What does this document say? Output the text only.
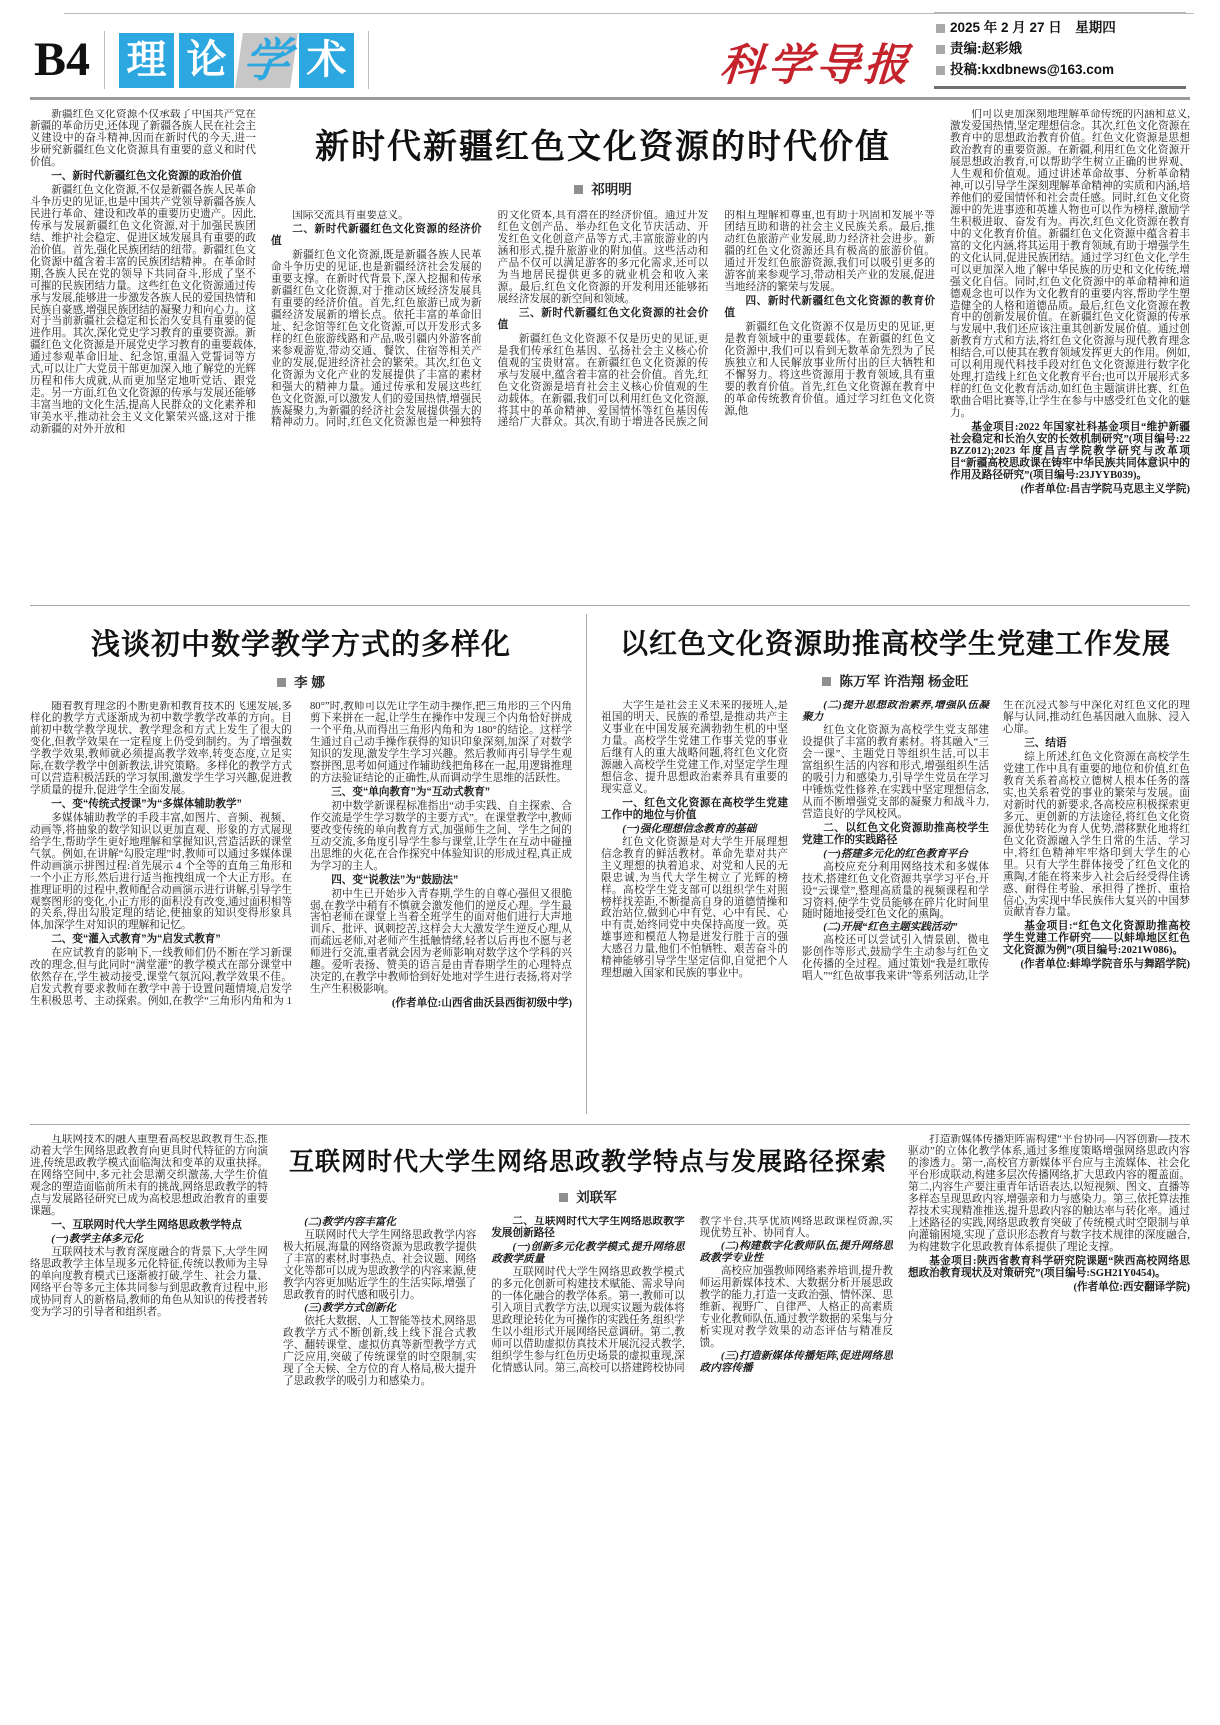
B4 理 论 学 术	科学导报
2025 年 2 月 27 日　星期四
责编:赵彩娥
投稿:kxdbnews@163.com

新疆红色文化资源不仅承载了中国共产党在新疆的革命历史,还体现了新疆各族人民在社会主义建设中的奋斗精神,因而在新时代的今天,进一步研究新疆红色文化资源具有重要的意义和时代价值。

一、新时代新疆红色文化资源的政治价值

新疆红色文化资源,不仅是新疆各族人民革命斗争历史的见证,也是中国共产党领导新疆各族人民进行革命、建设和改革的重要历史遗产。因此,传承与发展新疆红色文化资源,对于加强民族团结、维护社会稳定、促进区域发展具有重要的政治价值。首先,强化民族团结的纽带。新疆红色文化资源中蕴含着丰富的民族团结精神。在革命时期,各族人民在党的领导下共同奋斗,形成了坚不可摧的民族团结力量。这些红色文化资源通过传承与发展,能够进一步激发各族人民的爱国热情和民族自豪感,增强民族团结的凝聚力和向心力。这对于当前新疆社会稳定和长治久安具有重要的促进作用。其次,深化党史学习教育的重要资源。新疆红色文化资源是开展党史学习教育的重要载体,通过参观革命旧址、纪念馆,重温入党誓词等方式,可以让广大党员干部更加深入地了解党的光辉历程和伟大成就,从而更加坚定地听党话、跟党走。另一方面,红色文化资源的传承与发展还能够丰富当地的文化生活,提高人民群众的文化素养和审美水平,推动社会主义文化繁荣兴盛,这对于推动新疆的对外开放和

新时代新疆红色文化资源的时代价值
祁明明

国际交流具有重要意义。

二、新时代新疆红色文化资源的经济价值

新疆红色文化资源,既是新疆各族人民革命斗争历史的见证,也是新疆经济社会发展的重要支撑。在新时代背景下,深入挖掘和传承新疆红色文化资源,对于推动区域经济发展具有重要的经济价值。首先,红色旅游已成为新疆经济发展新的增长点。依托丰富的革命旧址、纪念馆等红色文化资源,可以开发形式多样的红色旅游线路和产品,吸引疆内外游客前来参观游览,带动交通、餐饮、住宿等相关产业的发展,促进经济社会的繁荣。其次,红色文化资源为文化产业的发展提供了丰富的素材和强大的精神力量。通过传承和发展这些红色文化资源,可以激发人们的爱国热情,增强民族凝聚力,为新疆的经济社会发展提供强大的精神动力。同时,红色文化资源也是一种独特的文化资本,具有潜在的经济价值。通过开发红色文创产品、举办红色文化节庆活动、开发红色文化创意产品等方式,丰富旅游业的内涵和形式,提升旅游业的附加值。这些活动和产品不仅可以满足游客的多元化需求,还可以为当地居民提供更多的就业机会和收入来源。最后,红色文化资源的开发利用还能够拓展经济发展的新空间和领域。

三、新时代新疆红色文化资源的社会价值

新疆红色文化资源不仅是历史的见证,更是我们传承红色基因、弘扬社会主义核心价值观的宝贵财富。在新疆红色文化资源的传承与发展中,蕴含着丰富的社会价值。首先,红色文化资源是培育社会主义核心价值观的生动载体。在新疆,我们可以利用红色文化资源,将其中的革命精神、爱国情怀等红色基因传递给广大群众。其次,有助于增进各民族之间的相互理解和尊重,也有助于巩固和发展平等团结互助和谐的社会主义民族关系。最后,推动红色旅游产业发展,助力经济社会进步。新疆的红色文化资源还具有极高的旅游价值。通过开发红色旅游资源,我们可以吸引更多的游客前来参观学习,带动相关产业的发展,促进当地经济的繁荣与发展。

四、新时代新疆红色文化资源的教育价值

新疆红色文化资源不仅是历史的见证,更是教育领域中的重要载体。在新疆的红色文化资源中,我们可以看到无数革命先烈为了民族独立和人民解放事业所付出的巨大牺牲和不懈努力。将这些资源用于教育领域,具有重要的教育价值。首先,红色文化资源在教育中的革命传统教育价值。通过学习红色文化资源,他

们可以更加深刻地理解革命传统的内涵和意义,激发爱国热情,坚定理想信念。其次,红色文化资源在教育中的思想政治教育价值。红色文化资源是思想政治教育的重要资源。在新疆,利用红色文化资源开展思想政治教育,可以帮助学生树立正确的世界观、人生观和价值观。通过讲述革命故事、分析革命精神,可以引导学生深刻理解革命精神的实质和内涵,培养他们的爱国情怀和社会责任感。同时,红色文化资源中的先进事迹和英雄人物也可以作为榜样,激励学生积极进取、奋发有为。再次,红色文化资源在教育中的文化教育价值。新疆红色文化资源中蕴含着丰富的文化内涵,将其运用于教育领域,有助于增强学生的文化认同,促进民族团结。通过学习红色文化,学生可以更加深入地了解中华民族的历史和文化传统,增强文化自信。同时,红色文化资源中的革命精神和道德观念也可以作为文化教育的重要内容,帮助学生塑造健全的人格和道德品质。最后,红色文化资源在教育中的创新发展价值。在新疆红色文化资源的传承与发展中,我们还应该注重其创新发展价值。通过创新教育方式和方法,将红色文化资源与现代教育理念相结合,可以使其在教育领域发挥更大的作用。例如,可以利用现代科技手段对红色文化资源进行数字化处理,打造线上红色文化教育平台;也可以开展形式多样的红色文化教育活动,如红色主题演讲比赛、红色歌曲合唱比赛等,让学生在参与中感受红色文化的魅力。

基金项目:2022 年国家社科基金项目“维护新疆社会稳定和长治久安的长效机制研究”(项目编号:22BZZ012);2023 年度昌吉学院教学研究与改革项目“新疆高校思政课在铸牢中华民族共同体意识中的作用及路径研究”(项目编号:23JYYB039)。

(作者单位:昌吉学院马克思主义学院)

浅谈初中数学教学方式的多样化
李 娜

随着教育理念的不断更新和教育技术的飞速发展,多样化的教学方式逐渐成为初中数学教学改革的方向。目前初中数学教学现状、教学理念和方式上发生了很大的变化,但教学效果在一定程度上仍受到制约。为了增强数学教学效果,教师就必须提高教学效率,转变态度,立足实际,在数学教学中创新教法,讲究策略。多样化的教学方式可以营造积极活跃的学习氛围,激发学生学习兴趣,促进教学质量的提升,促进学生全面发展。

一、变“传统式授课”为“多媒体辅助教学”

多媒体辅助教学的手段丰富,如图片、音频、视频、动画等,将抽象的数学知识以更加直观、形象的方式展现给学生,帮助学生更好地理解和掌握知识,营造活跃的课堂气氛。例如,在讲解“勾股定理”时,教师可以通过多媒体课件动画演示拼图过程:首先展示 4 个全等的直角三角形和一个小正方形,然后进行适当拖拽组成一个大正方形。在推理证明的过程中,教师配合动画演示进行讲解,引导学生观察图形的变化,小正方形的面积没有改变,通过面积相等的关系,得出勾股定理的结论,使抽象的知识变得形象具体,加深学生对知识的理解和记忆。

二、变“灌入式教育”为“启发式教育”

在应试教育的影响下,一线教师们仍不断在学习新课改的理念,但与此同时“满堂灌”的教学模式在部分课堂中依然存在,学生被动接受,课堂气氛沉闷,教学效果不佳。启发式教育要求教师在教学中善于设置问题情境,启发学生积极思考、主动探索。例如,在教学“三角形内角和为 180°”时,教师可以先让学生动手操作,把三角形的三个内角剪下来拼在一起,让学生在操作中发现三个内角恰好拼成一个平角,从而得出三角形内角和为 180°的结论。这样学生通过自己动手操作获得的知识印象深刻,加深了对数学知识的发现,激发学生学习兴趣。然后教师再引导学生观察拼图,思考如何通过作辅助线把角移在一起,用逻辑推理的方法验证结论的正确性,从而调动学生思维的活跃性。

三、变“单向教育”为“互动式教育”

初中数学新课程标准指出“动手实践、自主探索、合作交流是学生学习数学的主要方式”。在课堂教学中,教师要改变传统的单向教育方式,加强师生之间、学生之间的互动交流,多角度引导学生参与课堂,让学生在互动中碰撞出思维的火花,在合作探究中体验知识的形成过程,真正成为学习的主人。

四、变“说教法”为“鼓励法”

初中生已开始步入青春期,学生的自尊心强但又很脆弱,在教学中稍有不慎就会激发他们的逆反心理。学生最害怕老师在课堂上当着全班学生的面对他们进行大声地训斥、批评、讽刺挖苦,这样会大大激发学生逆反心理,从而疏远老师,对老师产生抵触情绪,轻者以后再也不愿与老师进行交流,重者就会因为老师影响对数学这个学科的兴趣。爱听表扬、赞美的语言是由青春期学生的心理特点决定的,在教学中教师恰到好处地对学生进行表扬,将对学生产生积极影响。

(作者单位:山西省曲沃县西街初级中学)

以红色文化资源助推高校学生党建工作发展
陈万军 许浩翔 杨金旺

大学生是社会主义未来的接班人,是祖国的明天、民族的希望,是推动共产主义事业在中国发展充满勃勃生机的中坚力量。高校学生党建工作事关党的事业后继有人的重大战略问题,将红色文化资源融入高校学生党建工作,对坚定学生理想信念、提升思想政治素养具有重要的现实意义。

一、红色文化资源在高校学生党建工作中的地位与价值

(一)强化理想信念教育的基础

红色文化资源是对大学生开展理想信念教育的鲜活教材。革命先辈对共产主义理想的执着追求、对党和人民的无限忠诚,为当代大学生树立了光辉的榜样。高校学生党支部可以组织学生对照榜样找差距,不断提高自身的道德情操和政治站位,做到心中有党、心中有民、心中有责,始终同党中央保持高度一致。英雄事迹和模范人物是迸发行胜于言的强大感召力量,他们不怕牺牲、艰苦奋斗的精神能够引导学生坚定信仰,自觉把个人理想融入国家和民族的事业中。

(二)提升思想政治素养,增强队伍凝聚力

红色文化资源为高校学生党支部建设提供了丰富的教育素材。将其融入“三会一课”、主题党日等组织生活,可以丰富组织生活的内容和形式,增强组织生活的吸引力和感染力,引导学生党员在学习中锤炼党性修养,在实践中坚定理想信念,从而不断增强党支部的凝聚力和战斗力,营造良好的学风校风。

二、以红色文化资源助推高校学生党建工作的实践路径

(一)搭建多元化的红色教育平台

高校应充分利用网络技术和多媒体技术,搭建红色文化资源共享学习平台,开设“云课堂”,整理高质量的视频课程和学习资料,使学生党员能够在碎片化时间里随时随地接受红色文化的熏陶。

(二)开展“红色主题实践活动”

高校还可以尝试引入情景剧、微电影创作等形式,鼓励学生主动参与红色文化传播的全过程。通过策划“我是红歌传唱人”“红色故事我来讲”等系列活动,让学生在沉浸式参与中深化对红色文化的理解与认同,推动红色基因融入血脉、浸入心扉。

三、结语

综上所述,红色文化资源在高校学生党建工作中具有重要的地位和价值,红色教育关系着高校立德树人根本任务的落实,也关系着党的事业的繁荣与发展。面对新时代的新要求,各高校应积极探索更多元、更创新的方法途径,将红色文化资源优势转化为育人优势,潜移默化地将红色文化资源融入学生日常的生活、学习中,将红色精神牢牢烙印到大学生的心里。只有大学生群体接受了红色文化的熏陶,才能在将来步入社会后经受得住诱惑、耐得住考验、承担得了挫折、重拾信心,为实现中华民族伟大复兴的中国梦贡献青春力量。

基金项目:“红色文化资源助推高校学生党建工作研究——以蚌埠地区红色文化资源为例”(项目编号:2021W086)。

(作者单位:蚌埠学院音乐与舞蹈学院)

互联网技术的融入重塑着高校思政教育生态,推动着大学生网络思政教育向更具时代特征的方向演进,传统思政教学模式面临淘汰和变革的双重抉择。在网络空间中,多元社会思潮交织激荡,大学生价值观念的塑造面临前所未有的挑战,网络思政教学的特点与发展路径研究已成为高校思想政治教育的重要课题。

一、互联网时代大学生网络思政教学特点

(一)教学主体多元化

互联网技术与教育深度融合的背景下,大学生网络思政教学主体呈现多元化特征,传统以教师为主导的单向度教育模式已逐渐被打破,学生、社会力量、网络平台等多元主体共同参与到思政教育过程中,形成协同育人的新格局,教师的角色从知识的传授者转变为学习的引导者和组织者。

互联网时代大学生网络思政教学特点与发展路径探索
刘联军

(二)教学内容丰富化

互联网时代大学生网络思政教学内容极大拓展,海量的网络资源为思政教学提供了丰富的素材,时事热点、社会议题、网络文化等都可以成为思政教学的内容来源,使教学内容更加贴近学生的生活实际,增强了思政教育的时代感和吸引力。

(三)教学方式创新化

依托大数据、人工智能等技术,网络思政教学方式不断创新,线上线下混合式教学、翻转课堂、虚拟仿真等新型教学方式广泛应用,突破了传统课堂的时空限制,实现了全天候、全方位的育人格局,极大提升了思政教学的吸引力和感染力。

二、互联网时代大学生网络思政教学发展创新路径

(一)创新多元化教学模式,提升网络思政教学质量

互联网时代大学生网络思政教学模式的多元化创新可构建技术赋能、需求导向的一体化融合的教学体系。第一,教师可以引入项目式教学方法,以现实议题为载体将思政理论转化为可操作的实践任务,组织学生以小组形式开展网络民意调研。第二,教师可以借助虚拟仿真技术开展沉浸式教学,组织学生参与红色历史场景的虚拟重现,深化情感认同。第三,高校可以搭建跨校协同教学平台,共享优质网络思政课程资源,实现优势互补、协同育人。

(二)构建数字化教师队伍,提升网络思政教学专业性

高校应加强教师网络素养培训,提升教师运用新媒体技术、大数据分析开展思政教学的能力,打造一支政治强、情怀深、思维新、视野广、自律严、人格正的高素质专业化教师队伍,通过教学数据的采集与分析实现对教学效果的动态评估与精准反馈。

(三)打造新媒体传播矩阵,促进网络思政内容传播

打造新媒体传播矩阵需构建“平台协同—内容创新—技术驱动”的立体化教学体系,通过多维度策略增强网络思政内容的渗透力。第一,高校官方新媒体平台应与主流媒体、社会化平台形成联动,构建多层次传播网络,扩大思政内容的覆盖面。第二,内容生产要注重青年话语表达,以短视频、图文、直播等多样态呈现思政内容,增强亲和力与感染力。第三,依托算法推荐技术实现精准推送,提升思政内容的触达率与转化率。通过上述路径的实践,网络思政教育突破了传统模式时空限制与单向灌输困境,实现了意识形态教育与数字技术规律的深度融合,为构建数字化思政教育体系提供了理论支撑。

基金项目:陕西省教育科学研究院课题“陕西高校网络思想政治教育现状及对策研究”(项目编号:SGH21Y0454)。

(作者单位:西安翻译学院)
